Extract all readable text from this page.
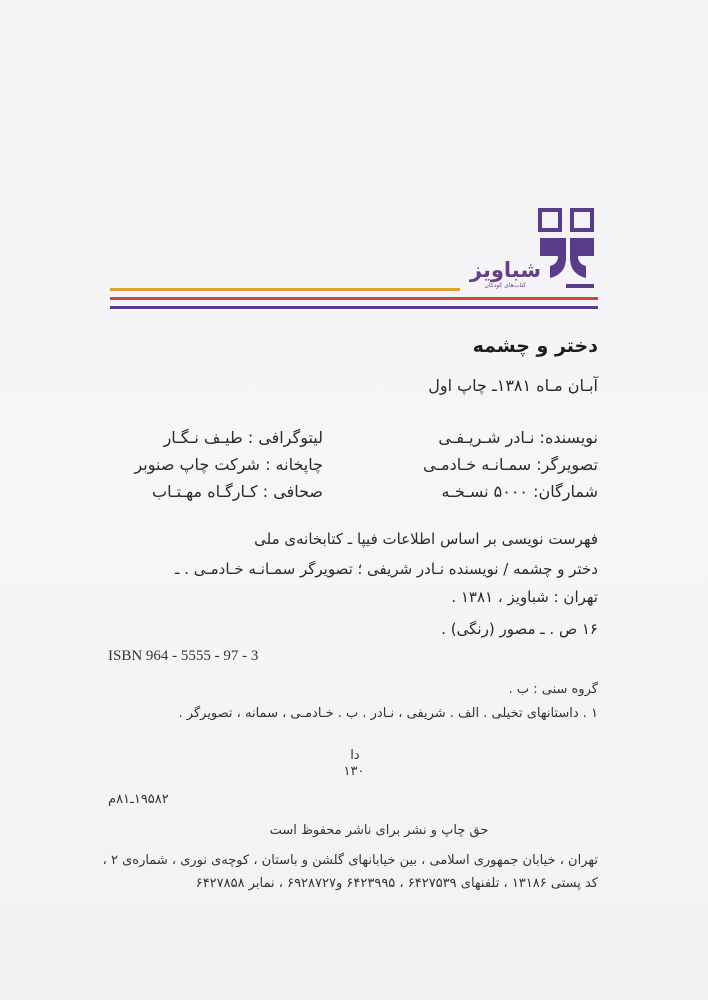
شباویز
کتاب‌های کودکان
دختر و چشمه
آبـان مـاه ۱۳۸۱ـ چاپ اول
نویسنده: نـادر شـریـفـی
تصویرگر: سمـانـه خـادمـی
شمارگان: ۵۰۰۰ نسـخـه
لیتوگرافی : طیـف نـگـار
چاپخانه : شرکت چاپ صنوبر
صحافی : کـارگـاه مهـتـاب
فهرست نویسی بر اساس اطلاعات فیپا ـ کتابخانه‌ی ملی
دختر و چشمه / نویسنده نـادر شریفی ؛ تصویرگر سمـانـه خـادمـی . ـ
تهران : شباویز ، ۱۳۸۱ .
۱۶ ص . ـ مصور (رنگی) .
ISBN 964 - 5555 - 97 - 3
گروه سنی : ب .
۱ . داستانهای تخیلی . الف . شریفی ، نـادر . ب . خـادمـی ، سمانه ، تصویرگر .
دا
۱۳۰
۱۹۵۸۲ـ۸۱م
حق چاپ و نشر برای ناشر محفوظ است
تهران ، خیابان جمهوری اسلامی ، بین خیابانهای گلشن و باستان ، کوچه‌ی نوری ، شماره‌ی ۲ ،
کد پستی ۱۳۱۸۶ ، تلفنهای ۶۴۲۷۵۳۹ ، ۶۴۲۳۹۹۵ و۶۹۲۸۷۲۷ ، نمابر ۶۴۲۷۸۵۸
